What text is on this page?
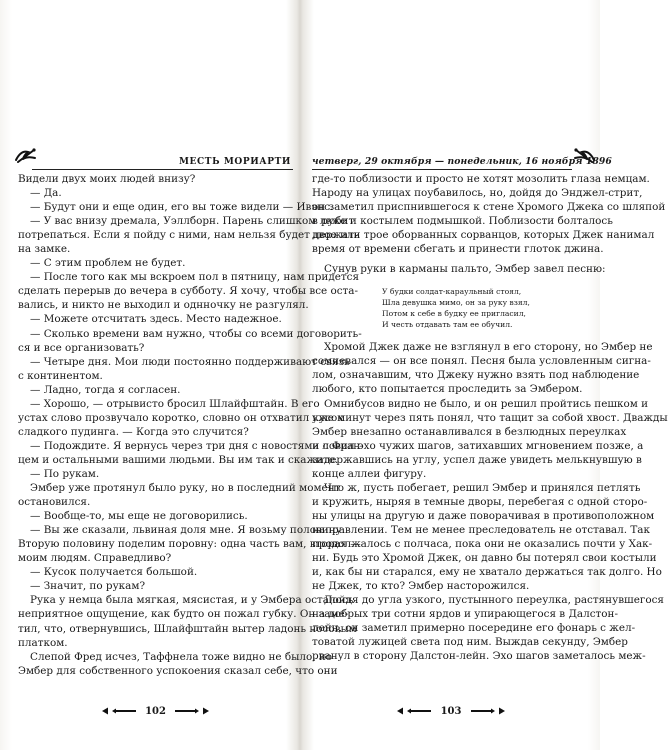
МЕСТЬ МОРИАРТИ

Видели двух моих людей внизу?

— Да.

— Будут они и еще один, его вы тоже видели — Ивэнс.

— У вас внизу дремала, Уэллборн. Парень слишком любит

потрепаться. Если я пойду с ними, нам нельзя будет держать

на замке.

— С этим проблем не будет.

— После того как мы вскроем пол в пятницу, нам придется

сделать перерыв до вечера в субботу. Я хочу, чтобы все оста-

вались, и никто не выходил и однночку не разгулял.

— Можете отсчитать здесь. Место надежное.

— Сколько времени вам нужно, чтобы со всеми договорить-

ся и все организовать?

— Четыре дня. Мои люди постоянно поддерживают связь

с континентом.

— Ладно, тогда я согласен.

— Хорошо, — отрывисто бросил Шлайфштайн. В его

устах слово прозвучало коротко, словно он отхватил кусок

сладкого пудинга. — Когда это случится?

— Подождите. Я вернусь через три дня с новостями с Фран-

цем и остальными вашими людьми. Вы им так и скажите.

— По рукам.

Эмбер уже протянул было руку, но в последний момент

остановился.

— Вообще-то, мы еще не договорились.

— Вы же сказали, львиная доля мне. Я возьму половину.

Вторую половину поделим поровну: одна часть вам, вторая —

моим людям. Справедливо?

— Кусок получается большой.

— Значит, по рукам?

Рука у немца была мягкая, мясистая, и у Эмбера осталось

неприятное ощущение, как будто он пожал губку. Он заме-

тил, что, отвернувшись, Шлайфштайн вытер ладонь носовым

платком.

Слепой Фред исчез, Таффнела тоже видно не было, но

Эмбер для собственного успокоения сказал себе, что они

102
четверг, 29 октября — понедельник, 16 ноября 1896

где-то поблизости и просто не хотят мозолить глаза немцам.

Народу на улицах поубавилось, но, дойдя до Энджел-стрит,

он заметил приспнившегося к стене Хромого Джека со шляпой

в руке и костылем подмышкой. Поблизости болталось

двое или трое оборванных сорванцов, которых Джек нанимал

время от времени сбегать и принести глоток джина.

Сунув руки в карманы пальто, Эмбер завел песню:

У будки солдат-караульный стоял,
Шла девушка мимо, он за руку взял,
Потом к себе в будку ее пригласил,
И честь отдавать там ее обучил.

Хромой Джек даже не взглянул в его сторону, но Эмбер не

сомневался — он все понял. Песня была условленным сигна-

лом, означавшим, что Джеку нужно взять под наблюдение

любого, кто попытается проследить за Эмбером.

Омнибусов видно не было, и он решил пройтись пешком и

уже минут через пять понял, что тащит за собой хвост. Дважды

Эмбер внезапно останавливался в безлюдных переулках

и ловил эхо чужих шагов, затихавших мгновением позже, а

задержавшись на углу, успел даже увидеть мелькнувшую в

конце аллеи фигуру.

Что ж, пусть побегает, решил Эмбер и принялся петлять

и кружить, ныряя в темные дворы, перебегая с одной сторо-

ны улицы на другую и даже поворачивая в противоположном

направлении. Тем не менее преследователь не отставал. Так

продолжалось с полчаса, пока они не оказались почти у Хак-

ни. Будь это Хромой Джек, он давно бы потерял свои костыли

и, как бы ни старался, ему не хватало держаться так долго. Но

не Джек, то кто? Эмбер насторожился.

Дойдя до угла узкого, пустынного переулка, растянувшегося

на добрых три сотни ярдов и упирающегося в Далстон-

лейн, он заметил примерно посередине его фонарь с жел-

товатой лужицей света под ним. Выждав секунду, Эмбер

рванул в сторону Далстон-лейн. Эхо шагов заметалось меж-

103
